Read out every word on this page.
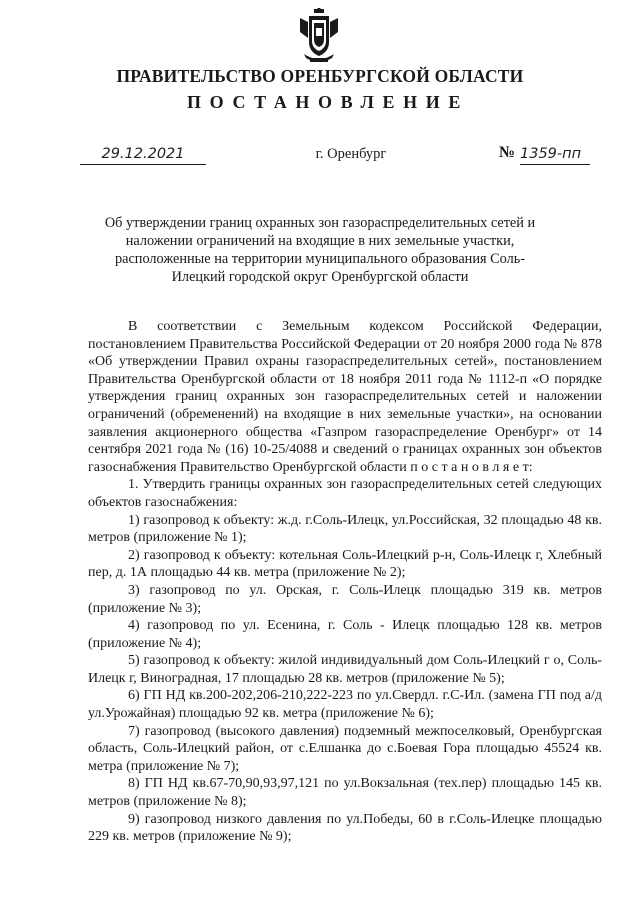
ПРАВИТЕЛЬСТВО ОРЕНБУРГСКОЙ ОБЛАСТИ
ПОСТАНОВЛЕНИЕ
29.12.2021	г. Оренбург	№ 1359-пп
Об утверждении границ охранных зон газораспределительных сетей и наложении ограничений на входящие в них земельные участки, расположенные на территории муниципального образования Соль-Илецкий городской округ Оренбургской области

В соответствии с Земельным кодексом Российской Федерации, постановлением Правительства Российской Федерации от 20 ноября 2000 года № 878 «Об утверждении Правил охраны газораспределительных сетей», постановлением Правительства Оренбургской области от 18 ноября 2011 года № 1112-п «О порядке утверждения границ охранных зон газораспределительных сетей и наложении ограничений (обременений) на входящие в них земельные участки», на основании заявления акционерного общества «Газпром газораспределение Оренбург» от 14 сентября 2021 года № (16) 10-25/4088 и сведений о границах охранных зон объектов газоснабжения Правительство Оренбургской области п о с т а н о в л я е т:

1. Утвердить границы охранных зон газораспределительных сетей следующих объектов газоснабжения:

1) газопровод к объекту: ж.д. г.Соль-Илецк, ул.Российская, 32 площадью 48 кв. метров (приложение № 1);

2) газопровод к объекту: котельная Соль-Илецкий р-н, Соль-Илецк г, Хлебный пер, д. 1А площадью 44 кв. метра (приложение № 2);

3) газопровод по ул. Орская, г. Соль-Илецк площадью 319 кв. метров (приложение № 3);

4) газопровод по ул. Есенина, г. Соль - Илецк площадью 128 кв. метров (приложение № 4);

5) газопровод к объекту: жилой индивидуальный дом Соль-Илецкий г о, Соль-Илецк г, Виноградная, 17 площадью 28 кв. метров (приложение № 5);

6) ГП НД кв.200-202,206-210,222-223 по ул.Свердл. г.С-Ил. (замена ГП под а/д ул.Урожайная) площадью 92 кв. метра (приложение № 6);

7) газопровод (высокого давления) подземный межпоселковый, Оренбургская область, Соль-Илецкий район, от с.Елшанка до с.Боевая Гора площадью 45524 кв. метра (приложение № 7);

8) ГП НД кв.67-70,90,93,97,121 по ул.Вокзальная (тех.пер) площадью 145 кв. метров (приложение № 8);

9) газопровод низкого давления по ул.Победы, 60 в г.Соль-Илецке площадью 229 кв. метров (приложение № 9);
